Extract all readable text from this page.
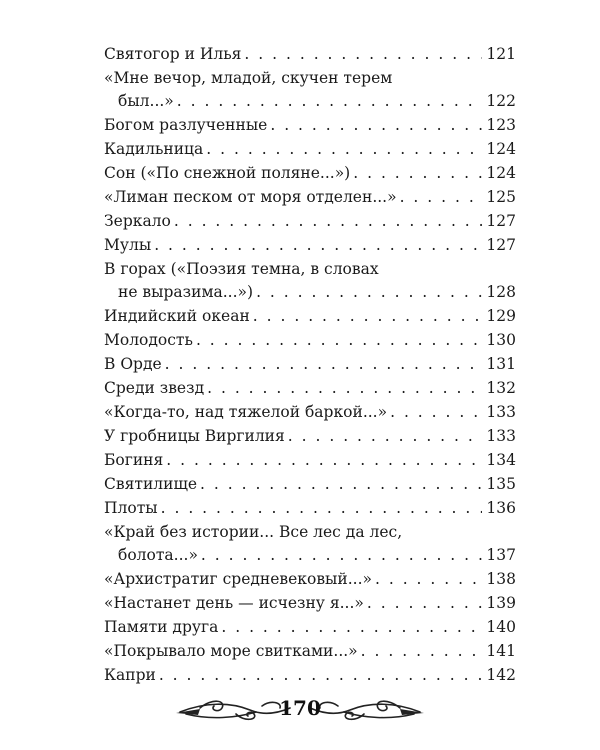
Святогор и Илья . . .	121
«Мне вечор, младой, скучен терем
был...» . . .	122
Богом разлученные . . .	123
Кадильница . . .	124
Сон («По снежной поляне...») . . .	124
«Лиман песком от моря отделен...» . . .	125
Зеркало . . .	127
Мулы . . .	127
В горах («Поэзия темна, в словах
не выразима...») . . .	128
Индийский океан . . .	129
Молодость . . .	130
В Орде . . .	131
Среди звезд . . .	132
«Когда-то, над тяжелой баркой...» . . .	133
У гробницы Виргилия . . .	133
Богиня . . .	134
Святилище . . .	135
Плоты . . .	136
«Край без истории... Все лес да лес,
болота...» . . .	137
«Архистратиг средневековый...» . . .	138
«Настанет день — исчезну я...» . . .	139
Памяти друга . . .	140
«Покрывало море свитками...» . . .	141
Капри . . .	142
170
